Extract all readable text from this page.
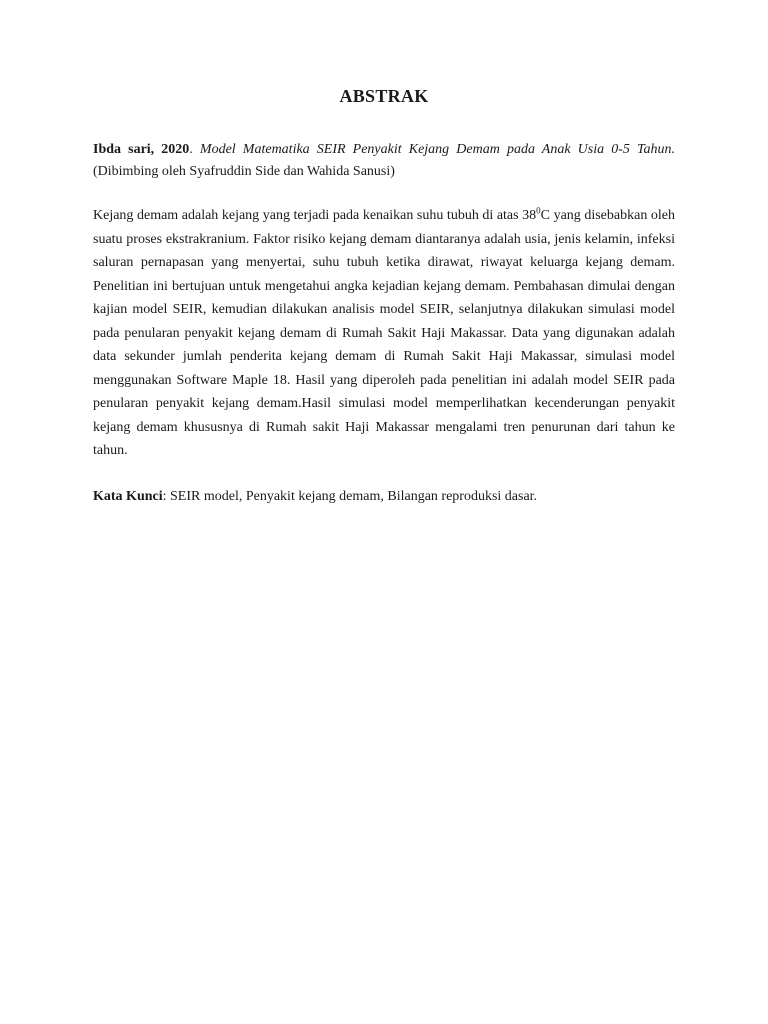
ABSTRAK

Ibda sari, 2020. Model Matematika SEIR Penyakit Kejang Demam pada Anak Usia 0-5 Tahun.
(Dibimbing oleh Syafruddin Side dan Wahida Sanusi)

Kejang demam adalah kejang yang terjadi pada kenaikan suhu tubuh di atas $38^0C$ yang disebabkan oleh suatu proses ekstrakranium. Faktor risiko kejang demam diantaranya adalah usia, jenis kelamin, infeksi saluran pernapasan yang menyertai, suhu tubuh ketika dirawat, riwayat keluarga kejang demam. Penelitian ini bertujuan untuk mengetahui angka kejadian kejang demam. Pembahasan dimulai dengan kajian model SEIR, kemudian dilakukan analisis model SEIR, selanjutnya dilakukan simulasi model pada penularan penyakit kejang demam di Rumah Sakit Haji Makassar. Data yang digunakan adalah data sekunder jumlah penderita kejang demam di Rumah Sakit Haji Makassar, simulasi model menggunakan Software Maple 18. Hasil yang diperoleh pada penelitian ini adalah model SEIR pada penularan penyakit kejang demam.Hasil simulasi model memperlihatkan kecenderungan penyakit kejang demam khususnya di Rumah sakit Haji Makassar mengalami tren penurunan dari tahun ke tahun.

Kata Kunci: SEIR model, Penyakit kejang demam, Bilangan reproduksi dasar.
